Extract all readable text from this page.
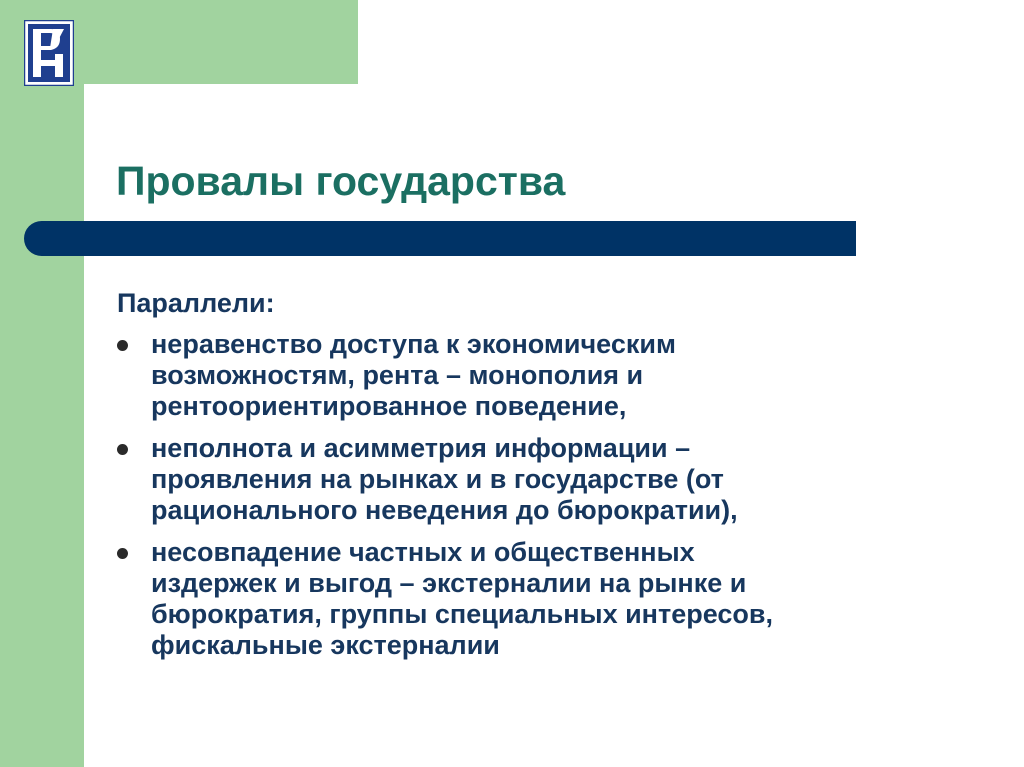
Провалы государства

Параллели:

неравенство доступа к экономическим
возможностям, рента – монополия и
рентоориентированное поведение,
неполнота и асимметрия информации –
проявления на рынках и в государстве (от
рационального неведения до бюрократии),
несовпадение частных и общественных
издержек и выгод – экстерналии на рынке и
бюрократия, группы специальных интересов,
фискальные экстерналии
